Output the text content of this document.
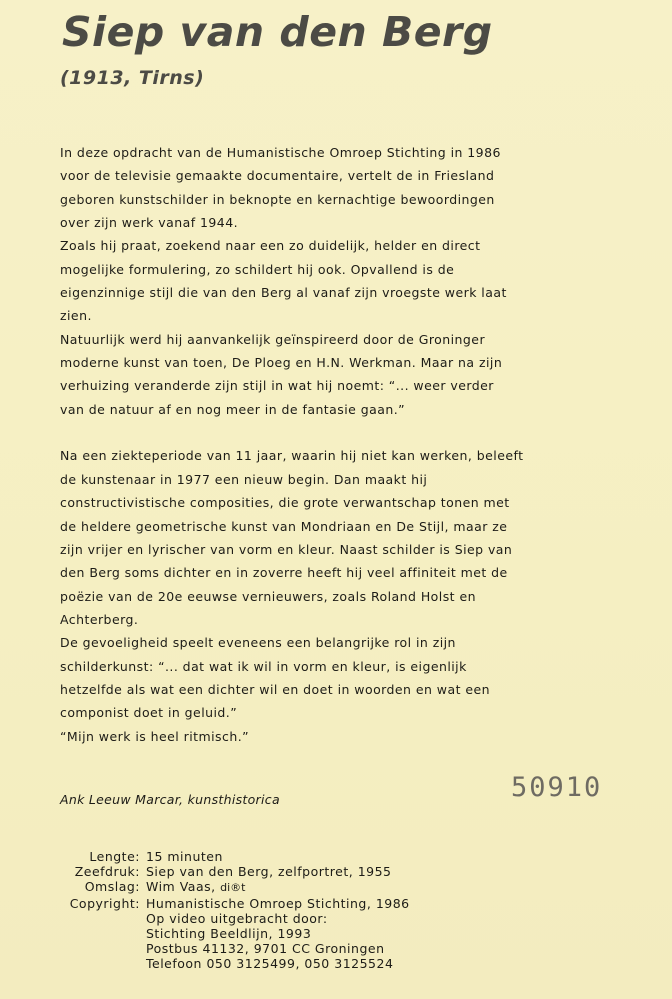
Siep van den Berg
(1913, Tirns)
In deze opdracht van de Humanistische Omroep Stichting in 1986
voor de televisie gemaakte documentaire, vertelt de in Friesland
geboren kunstschilder in beknopte en kernachtige bewoordingen
over zijn werk vanaf 1944.
Zoals hij praat, zoekend naar een zo duidelijk, helder en direct
mogelijke formulering, zo schildert hij ook. Opvallend is de
eigenzinnige stijl die van den Berg al vanaf zijn vroegste werk laat
zien.
Natuurlijk werd hij aanvankelijk geïnspireerd door de Groninger
moderne kunst van toen, De Ploeg en H.N. Werkman. Maar na zijn
verhuizing veranderde zijn stijl in wat hij noemt: “... weer verder
van de natuur af en nog meer in de fantasie gaan.”
Na een ziekteperiode van 11 jaar, waarin hij niet kan werken, beleeft
de kunstenaar in 1977 een nieuw begin. Dan maakt hij
constructivistische composities, die grote verwantschap tonen met
de heldere geometrische kunst van Mondriaan en De Stijl, maar ze
zijn vrijer en lyrischer van vorm en kleur. Naast schilder is Siep van
den Berg soms dichter en in zoverre heeft hij veel affiniteit met de
poëzie van de 20e eeuwse vernieuwers, zoals Roland Holst en
Achterberg.
De gevoeligheid speelt eveneens een belangrijke rol in zijn
schilderkunst: “... dat wat ik wil in vorm en kleur, is eigenlijk
hetzelfde als wat een dichter wil en doet in woorden en wat een
componist doet in geluid.”
“Mijn werk is heel ritmisch.”
50910
Ank Leeuw Marcar, kunsthistorica
Lengte: 15 minuten
Zeefdruk: Siep van den Berg, zelfportret, 1955
Omslag: Wim Vaas, di®t
Copyright: Humanistische Omroep Stichting, 1986
Op video uitgebracht door:
Stichting Beeldlijn, 1993
Postbus 41132, 9701 CC Groningen
Telefoon 050 3125499, 050 3125524
